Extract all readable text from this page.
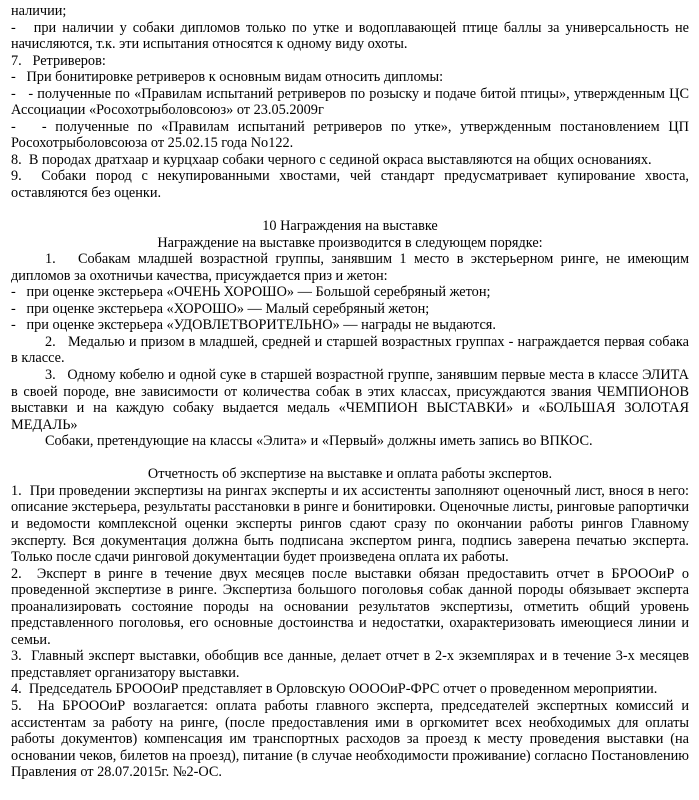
наличии;

-   при наличии у собаки дипломов только по утке и водоплавающей птице баллы за универсальность не начисляются, т.к. эти испытания относятся к одному виду охоты.

7.   Ретриверов:

-   При бонитировке ретриверов к основным видам относить дипломы:

-   - полученные по «Правилам испытаний ретриверов по розыску и подаче битой птицы», утвержденным ЦС Ассоциации «Росохотрыболовсоюз» от 23.05.2009г

-   - полученные по «Правилам испытаний ретриверов по утке», утвержденным постановлением ЦП Росохотрыболовсоюза от 25.02.15 года No122.

8.  В породах дратхаар и курцхаар собаки черного с сединой окраса выставляются на общих основаниях.

9.  Собаки пород с некупированными хвостами, чей стандарт предусматривает купирование хвоста, оставляются без оценки.

10 Награждения на выставке

Награждение на выставке производится в следующем порядке:

1.   Собакам младшей возрастной группы, занявшим 1 место в экстерьерном ринге, не имеющим дипломов за охотничьи качества, присуждается приз и жетон:

-   при оценке экстерьера «ОЧЕНЬ ХОРОШО» — Большой серебряный жетон;

-   при оценке экстерьера «ХОРОШО» — Малый серебряный жетон;

-   при оценке экстерьера «УДОВЛЕТВОРИТЕЛЬНО» — награды не выдаются.

2.   Медалью и призом в младшей, средней и старшей возрастных группах - награждается первая собака в классе.

3.   Одному кобелю и одной суке в старшей возрастной группе, занявшим первые места в классе ЭЛИТА в своей породе, вне зависимости от количества собак в этих классах, присуждаются звания ЧЕМПИОНОВ выставки и на каждую собаку выдается медаль «ЧЕМПИОН ВЫСТАВКИ» и «БОЛЬШАЯ ЗОЛОТАЯ МЕДАЛЬ»

Собаки, претендующие на классы «Элита» и «Первый» должны иметь запись во ВПКОС.

Отчетность об экспертизе на выставке и оплата работы экспертов.

1.  При проведении экспертизы на рингах эксперты и их ассистенты заполняют оценочный лист, внося в него: описание экстерьера, результаты расстановки в ринге и бонитировки. Оценочные листы, ринговые рапортички и ведомости комплексной оценки эксперты рингов сдают сразу по окончании работы рингов Главному эксперту. Вся документация должна быть подписана экспертом ринга, подпись заверена печатью эксперта. Только после сдачи ринговой документации будет произведена оплата их работы.

2.  Эксперт в ринге в течение двух месяцев после выставки обязан предоставить отчет в БРОООиР о проведенной экспертизе в ринге. Экспертиза большого поголовья собак данной породы обязывает эксперта проанализировать состояние породы на основании результатов экспертизы, отметить общий уровень представленного поголовья, его основные достоинства и недостатки, охарактеризовать имеющиеся линии и семьи.

3.  Главный эксперт выставки, обобщив все данные, делает отчет в 2-х экземплярах и в течение 3-х месяцев представляет организатору выставки.

4.  Председатель БРОООиР представляет в Орловскую ООООиР-ФРС отчет о проведенном мероприятии.

5.  На БРОООиР возлагается: оплата работы главного эксперта, председателей экспертных комиссий и ассистентам за работу на ринге, (после предоставления ими в оргкомитет всех необходимых для оплаты работы документов) компенсация им транспортных расходов за проезд к месту проведения выставки (на основании чеков, билетов на проезд), питание (в случае необходимости проживание) согласно Постановлению Правления от 28.07.2015г. №2-ОС.
